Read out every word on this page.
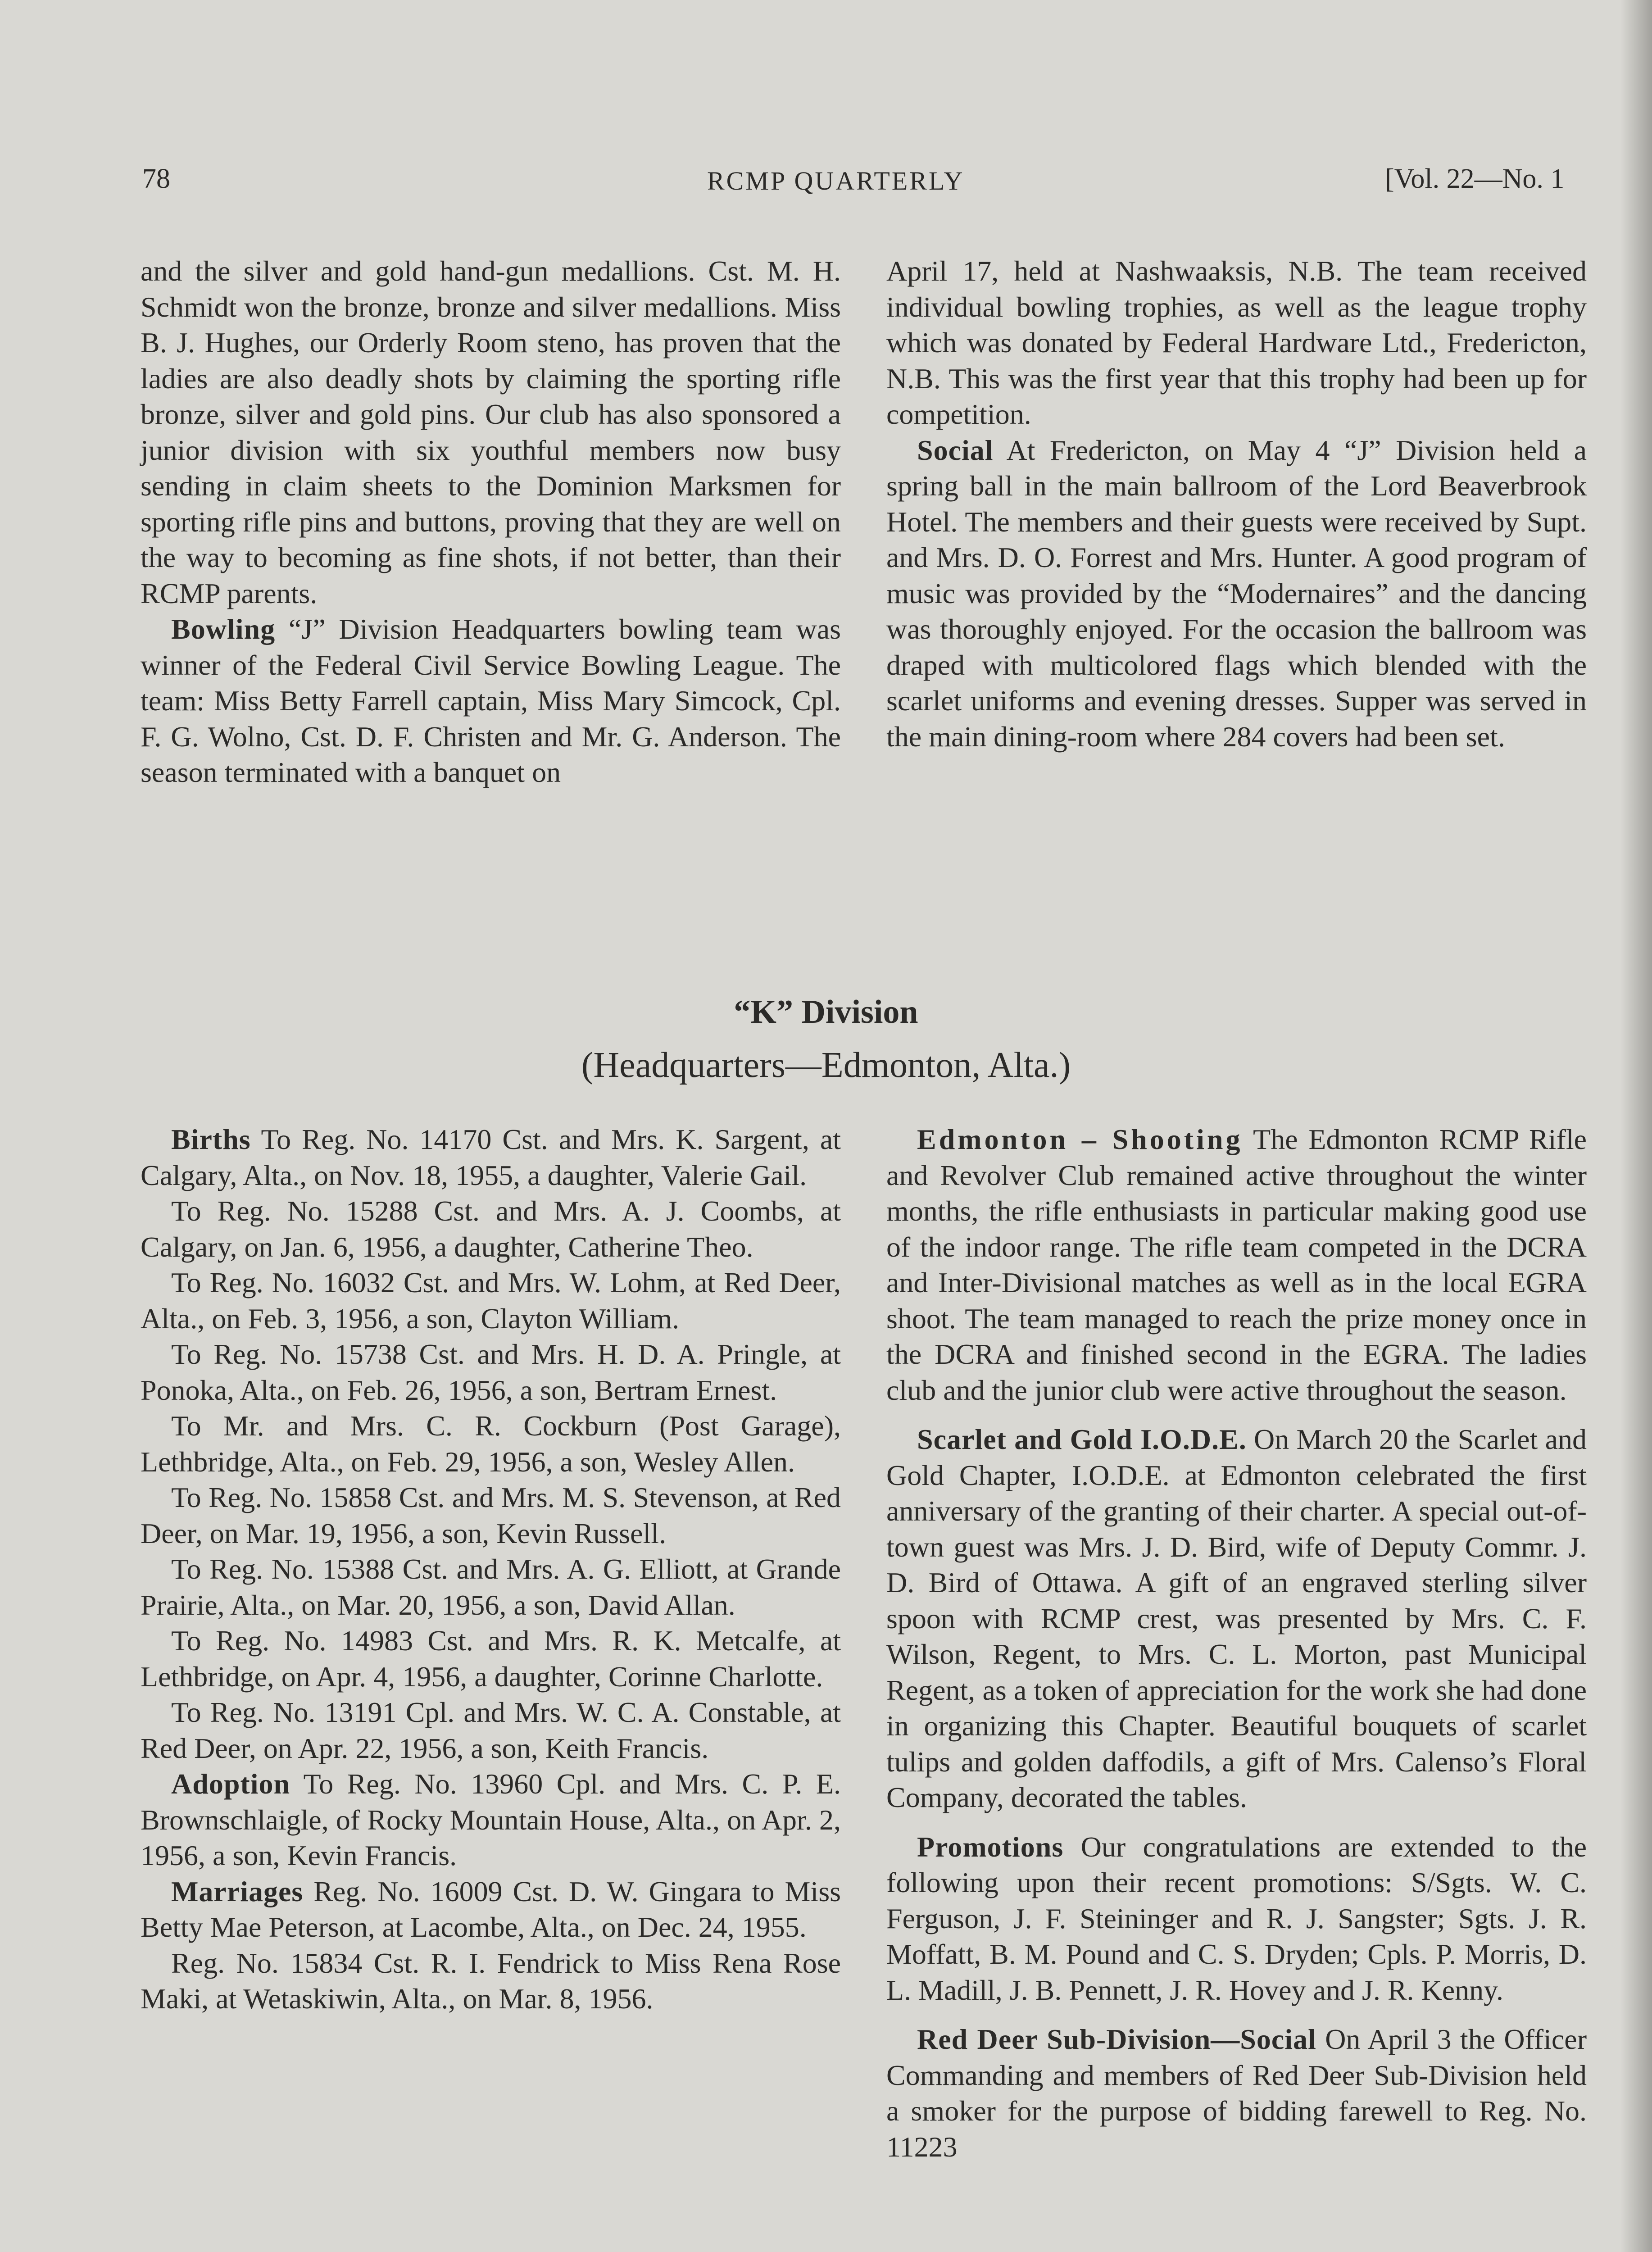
78	RCMP QUARTERLY	[Vol. 22—No. 1

and the silver and gold hand-gun medallions. Cst. M. H. Schmidt won the bronze, bronze and silver medallions. Miss B. J. Hughes, our Orderly Room steno, has proven that the ladies are also deadly shots by claiming the sporting rifle bronze, silver and gold pins. Our club has also sponsored a junior division with six youthful members now busy sending in claim sheets to the Dominion Marksmen for sporting rifle pins and buttons, proving that they are well on the way to becoming as fine shots, if not better, than their RCMP parents.

Bowling “J” Division Headquarters bowling team was winner of the Federal Civil Service Bowling League. The team: Miss Betty Farrell captain, Miss Mary Simcock, Cpl. F. G. Wolno, Cst. D. F. Christen and Mr. G. Anderson. The season terminated with a banquet on

April 17, held at Nashwaaksis, N.B. The team received individual bowling trophies, as well as the league trophy which was donated by Federal Hardware Ltd., Fredericton, N.B. This was the first year that this trophy had been up for competition.

Social At Fredericton, on May 4 “J” Division held a spring ball in the main ballroom of the Lord Beaverbrook Hotel. The members and their guests were received by Supt. and Mrs. D. O. Forrest and Mrs. Hunter. A good program of music was provided by the “Modernaires” and the dancing was thoroughly enjoyed. For the occasion the ballroom was draped with multicolored flags which blended with the scarlet uniforms and evening dresses. Supper was served in the main dining-room where 284 covers had been set.

“K” Division
(Headquarters—Edmonton, Alta.)

Births To Reg. No. 14170 Cst. and Mrs. K. Sargent, at Calgary, Alta., on Nov. 18, 1955, a daughter, Valerie Gail.

To Reg. No. 15288 Cst. and Mrs. A. J. Coombs, at Calgary, on Jan. 6, 1956, a daughter, Catherine Theo.

To Reg. No. 16032 Cst. and Mrs. W. Lohm, at Red Deer, Alta., on Feb. 3, 1956, a son, Clayton William.

To Reg. No. 15738 Cst. and Mrs. H. D. A. Pringle, at Ponoka, Alta., on Feb. 26, 1956, a son, Bertram Ernest.

To Mr. and Mrs. C. R. Cockburn (Post Garage), Lethbridge, Alta., on Feb. 29, 1956, a son, Wesley Allen.

To Reg. No. 15858 Cst. and Mrs. M. S. Stevenson, at Red Deer, on Mar. 19, 1956, a son, Kevin Russell.

To Reg. No. 15388 Cst. and Mrs. A. G. Elliott, at Grande Prairie, Alta., on Mar. 20, 1956, a son, David Allan.

To Reg. No. 14983 Cst. and Mrs. R. K. Metcalfe, at Lethbridge, on Apr. 4, 1956, a daughter, Corinne Charlotte.

To Reg. No. 13191 Cpl. and Mrs. W. C. A. Constable, at Red Deer, on Apr. 22, 1956, a son, Keith Francis.

Adoption To Reg. No. 13960 Cpl. and Mrs. C. P. E. Brownschlaigle, of Rocky Mountain House, Alta., on Apr. 2, 1956, a son, Kevin Francis.

Marriages Reg. No. 16009 Cst. D. W. Gingara to Miss Betty Mae Peterson, at Lacombe, Alta., on Dec. 24, 1955.

Reg. No. 15834 Cst. R. I. Fendrick to Miss Rena Rose Maki, at Wetaskiwin, Alta., on Mar. 8, 1956.

Edmonton – Shooting The Edmonton RCMP Rifle and Revolver Club remained active throughout the winter months, the rifle enthusiasts in particular making good use of the indoor range. The rifle team competed in the DCRA and Inter-Divisional matches as well as in the local EGRA shoot. The team managed to reach the prize money once in the DCRA and finished second in the EGRA. The ladies club and the junior club were active throughout the season.

Scarlet and Gold I.O.D.E. On March 20 the Scarlet and Gold Chapter, I.O.D.E. at Edmonton celebrated the first anniversary of the granting of their charter. A special out-of-town guest was Mrs. J. D. Bird, wife of Deputy Commr. J. D. Bird of Ottawa. A gift of an engraved sterling silver spoon with RCMP crest, was presented by Mrs. C. F. Wilson, Regent, to Mrs. C. L. Morton, past Municipal Regent, as a token of appreciation for the work she had done in organizing this Chapter. Beautiful bouquets of scarlet tulips and golden daffodils, a gift of Mrs. Calenso’s Floral Company, decorated the tables.

Promotions Our congratulations are extended to the following upon their recent promotions: S/Sgts. W. C. Ferguson, J. F. Steininger and R. J. Sangster; Sgts. J. R. Moffatt, B. M. Pound and C. S. Dryden; Cpls. P. Morris, D. L. Madill, J. B. Pennett, J. R. Hovey and J. R. Kenny.

Red Deer Sub-Division—Social On April 3 the Officer Commanding and members of Red Deer Sub-Division held a smoker for the purpose of bidding farewell to Reg. No. 11223
